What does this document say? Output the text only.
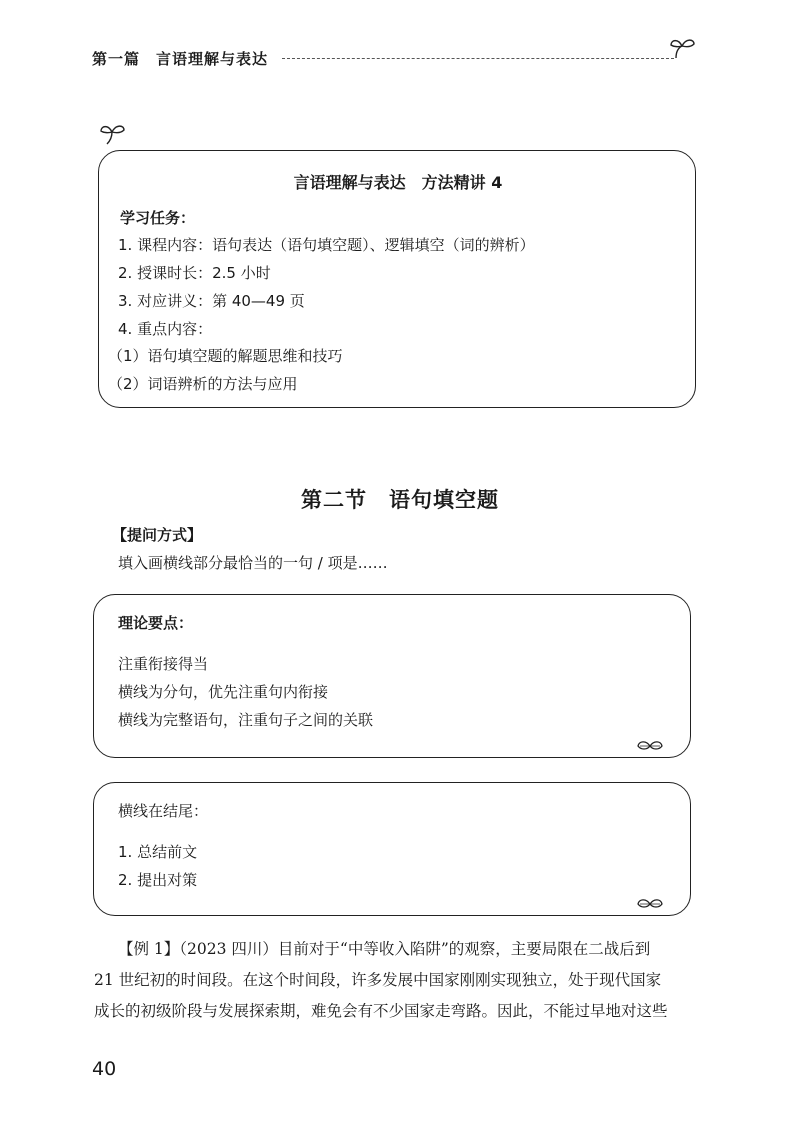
第一篇 言语理解与表达
言语理解与表达　方法精讲 4
学习任务：
1. 课程内容：语句表达（语句填空题）、逻辑填空（词的辨析）
2. 授课时长：2.5 小时
3. 对应讲义：第 40—49 页
4. 重点内容：
（1）语句填空题的解题思维和技巧
（2）词语辨析的方法与应用
第二节　语句填空题
【提问方式】
填入画横线部分最恰当的一句 / 项是……
理论要点：
注重衔接得当
横线为分句，优先注重句内衔接
横线为完整语句，注重句子之间的关联
横线在结尾：
1. 总结前文
2. 提出对策
【例 1】（2023 四川）目前对于“中等收入陷阱”的观察，主要局限在二战后到
21 世纪初的时间段。在这个时间段，许多发展中国家刚刚实现独立，处于现代国家
成长的初级阶段与发展探索期，难免会有不少国家走弯路。因此，不能过早地对这些
40
